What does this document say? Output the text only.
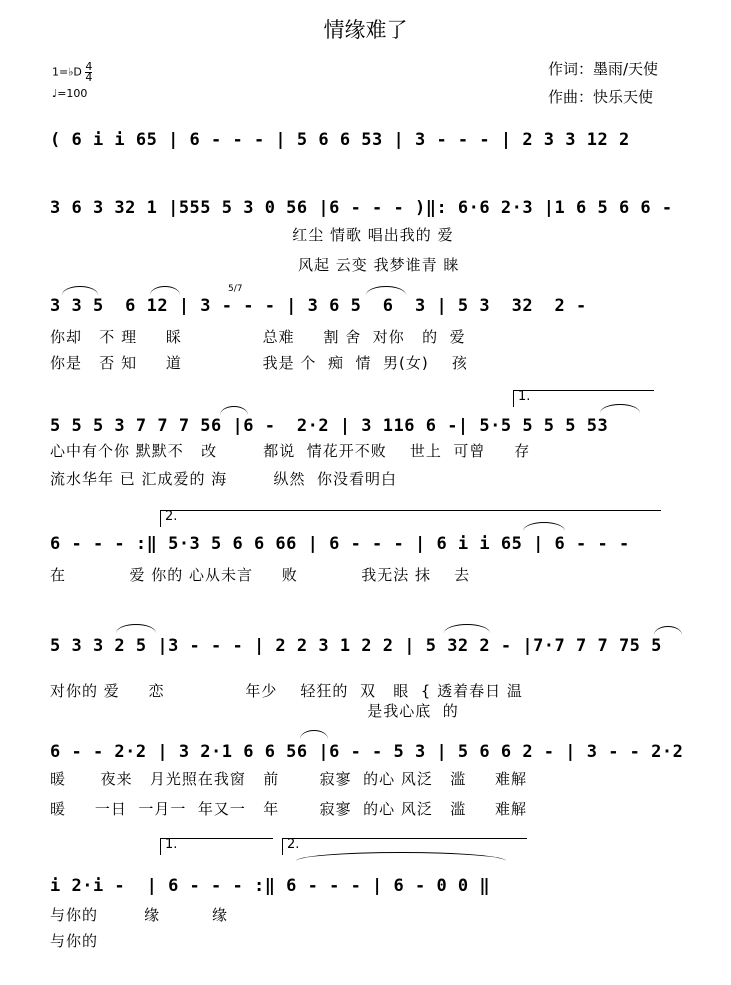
情缘难了
作词：墨雨/天使
作曲：快乐天使
1=♭D $\frac{4}{4}$
♩=100
( 6 i i 65 | 6 - - - | 5 6 6 53 | 3 - - - | 2 3 3 12 2
3 6 3 32 1 |555 5 3 0 56 |6 - - - )‖: 6·6 2·3 |1 6 5 6 6 -
红尘 情歌 唱出我的 爱
风起 云变 我梦谁青 睐
3 3 5  6 12 | 3 - - - | 3 6 5  6  3 | 5 3  32  2 -
你却   不 理     睬              总难     割 舍  对你   的  爱
你是   否 知     道              我是 个  痴  情  男(女)    孩
5/7
5 5 5 3 7 7 7 56 |6 -  2·2 | 3 116 6 -| 5·5 5 5 5 53
心中有个你 默默不   改        都说  情花开不败    世上  可曾     存
流水华年 已 汇成爱的 海        纵然  你没看明白
1.
6 - - - :‖ 5·3 5 6 6 66 | 6 - - - | 6 i i 65 | 6 - - -
在           爱 你的 心从未言     败           我无法 抹    去
2.
5 3 3 2 5 |3 - - - | 2 2 3 1 2 2 | 5 32 2 - |7·7 7 7 75 5
对你的 爱     恋              年少    轻狂的  双   眼  { 透着春日 温
是我心底  的
6 - - 2·2 | 3 2·1 6 6 56 |6 - - 5 3 | 5 6 6 2 - | 3 - - 2·2
暖      夜来   月光照在我窗   前       寂寥  的心 风泛   滥     难解
暖     一日  一月一  年又一   年       寂寥  的心 风泛   滥     难解
i 2·i -  | 6 - - - :‖ 6 - - - | 6 - 0 0 ‖
与你的        缘         缘
与你的
1.	2.
